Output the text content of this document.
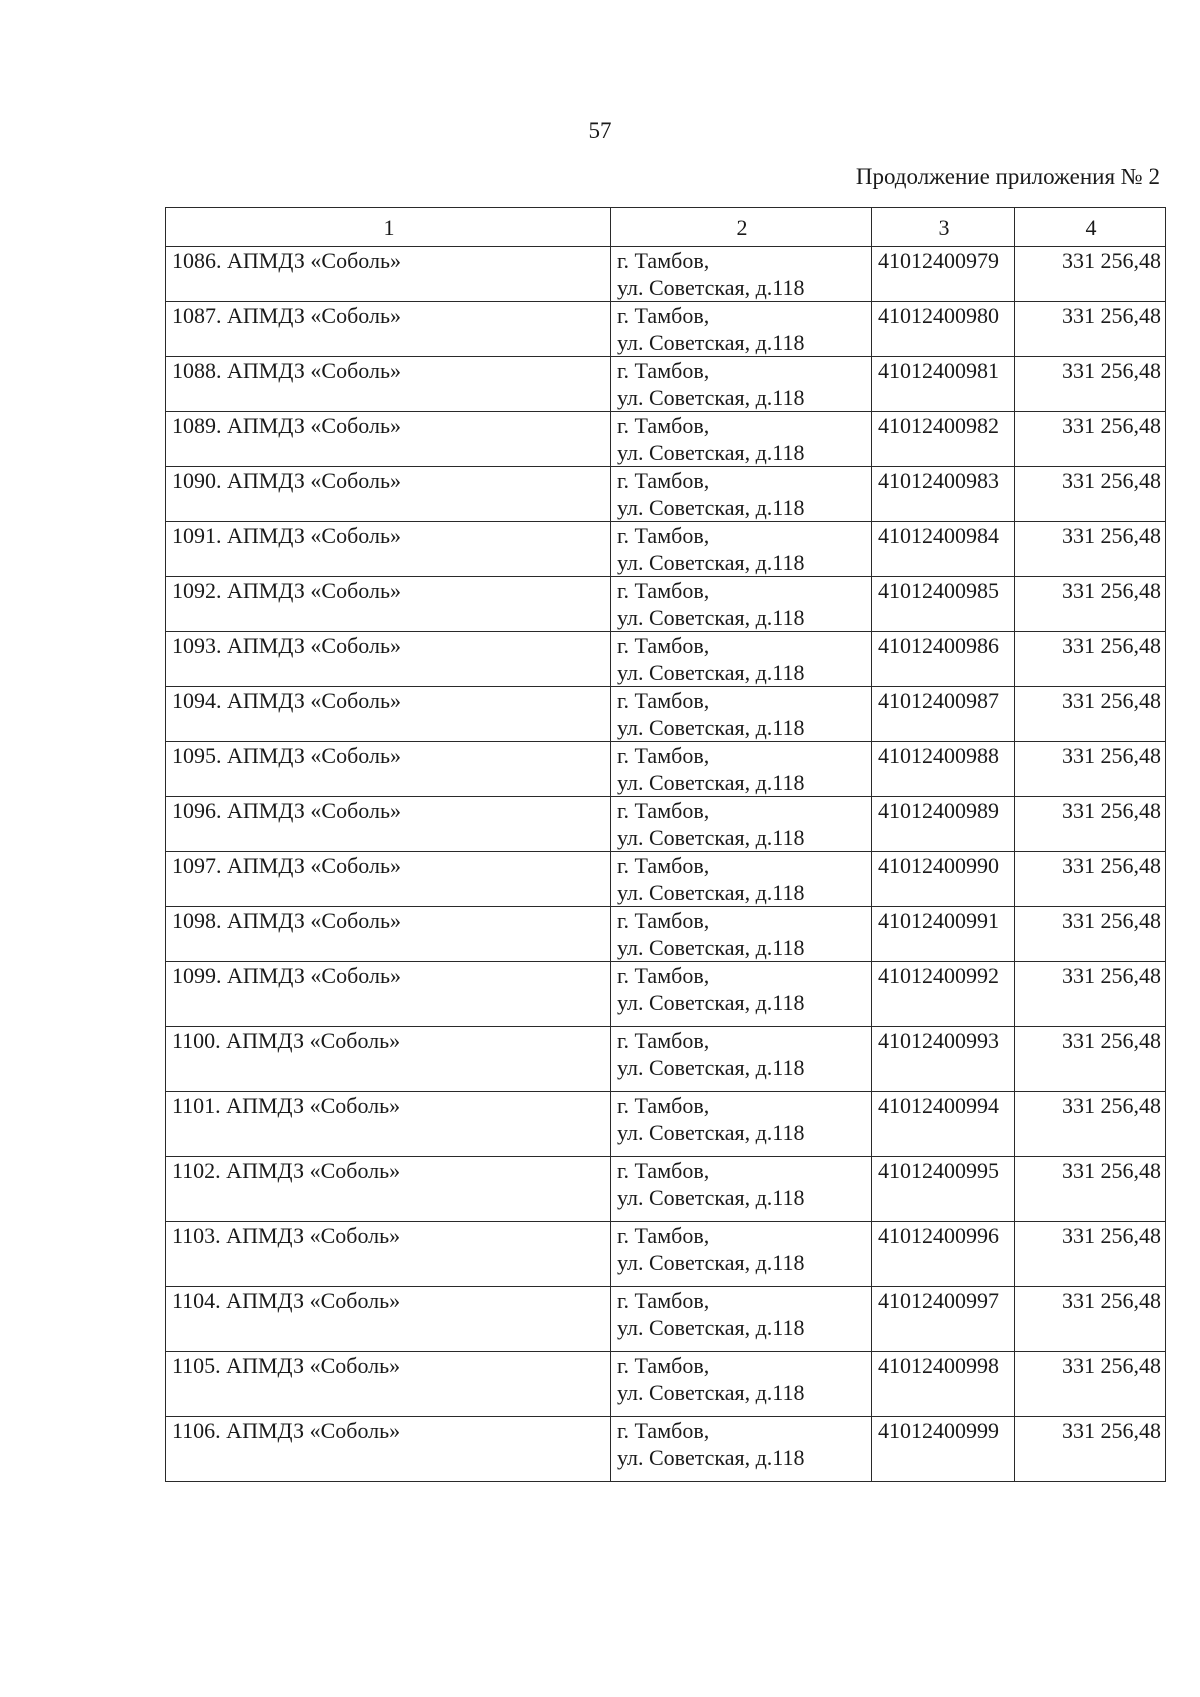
57
Продолжение приложения № 2
1	2	3	4
1086. АПМДЗ «Соболь»	г. Тамбов,
ул. Советская, д.118	41012400979	331 256,48
1087. АПМДЗ «Соболь»	г. Тамбов,
ул. Советская, д.118	41012400980	331 256,48
1088. АПМДЗ «Соболь»	г. Тамбов,
ул. Советская, д.118	41012400981	331 256,48
1089. АПМДЗ «Соболь»	г. Тамбов,
ул. Советская, д.118	41012400982	331 256,48
1090. АПМДЗ «Соболь»	г. Тамбов,
ул. Советская, д.118	41012400983	331 256,48
1091. АПМДЗ «Соболь»	г. Тамбов,
ул. Советская, д.118	41012400984	331 256,48
1092. АПМДЗ «Соболь»	г. Тамбов,
ул. Советская, д.118	41012400985	331 256,48
1093. АПМДЗ «Соболь»	г. Тамбов,
ул. Советская, д.118	41012400986	331 256,48
1094. АПМДЗ «Соболь»	г. Тамбов,
ул. Советская, д.118	41012400987	331 256,48
1095. АПМДЗ «Соболь»	г. Тамбов,
ул. Советская, д.118	41012400988	331 256,48
1096. АПМДЗ «Соболь»	г. Тамбов,
ул. Советская, д.118	41012400989	331 256,48
1097. АПМДЗ «Соболь»	г. Тамбов,
ул. Советская, д.118	41012400990	331 256,48
1098. АПМДЗ «Соболь»	г. Тамбов,
ул. Советская, д.118	41012400991	331 256,48
1099. АПМДЗ «Соболь»	г. Тамбов,
ул. Советская, д.118	41012400992	331 256,48
1100. АПМДЗ «Соболь»	г. Тамбов,
ул. Советская, д.118	41012400993	331 256,48
1101. АПМДЗ «Соболь»	г. Тамбов,
ул. Советская, д.118	41012400994	331 256,48
1102. АПМДЗ «Соболь»	г. Тамбов,
ул. Советская, д.118	41012400995	331 256,48
1103. АПМДЗ «Соболь»	г. Тамбов,
ул. Советская, д.118	41012400996	331 256,48
1104. АПМДЗ «Соболь»	г. Тамбов,
ул. Советская, д.118	41012400997	331 256,48
1105. АПМДЗ «Соболь»	г. Тамбов,
ул. Советская, д.118	41012400998	331 256,48
1106. АПМДЗ «Соболь»	г. Тамбов,
ул. Советская, д.118	41012400999	331 256,48
